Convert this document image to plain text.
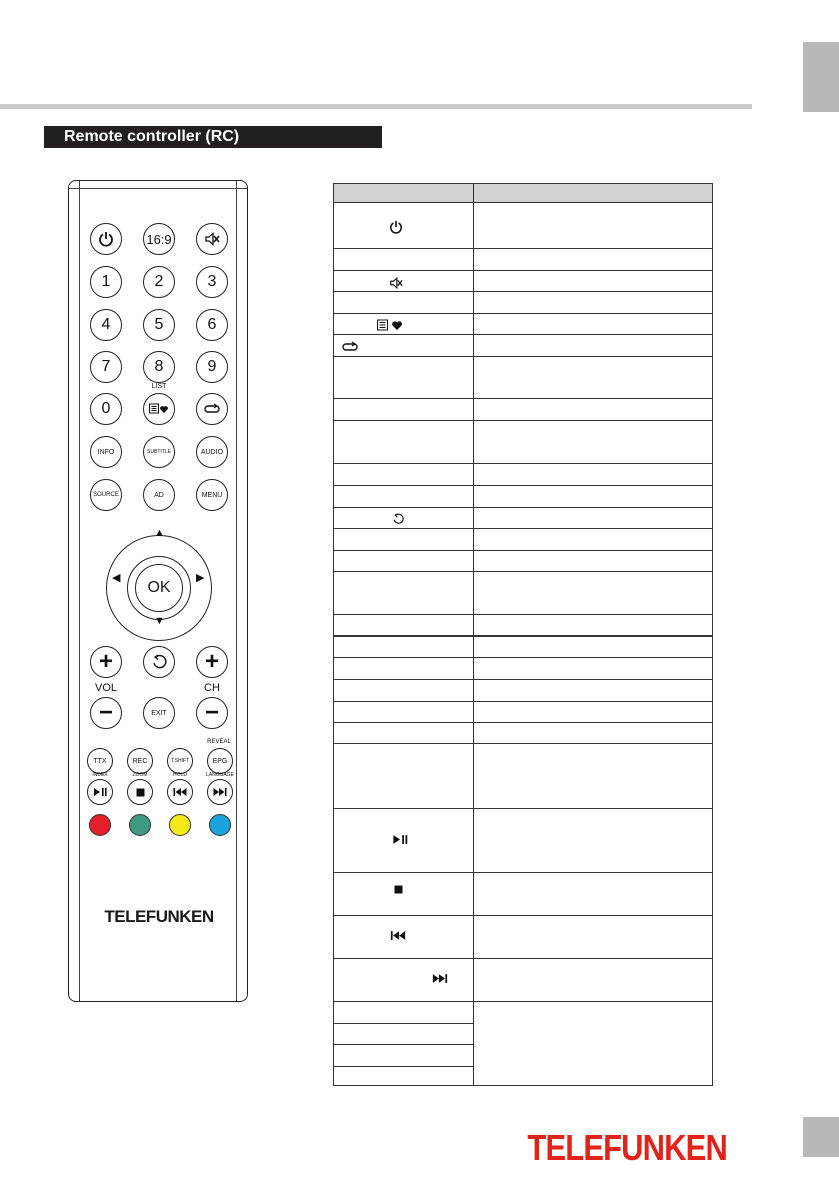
Remote controller (RC)
16:9
1	2	3
4	5	6
7	8	9
LIST
0
INFO	SUBTITLE	AUDIO
SOURCE	AD	MENU
OK
▲
▼
◀	▶
+	+
VOL	CH
−	EXIT	−
REVEAL
TTX	REC	T.SHIFT	EPG
INDEX	ZOOM	HOLD	LANGUAGE
TELEFUNKEN
TELEFUNKEN
